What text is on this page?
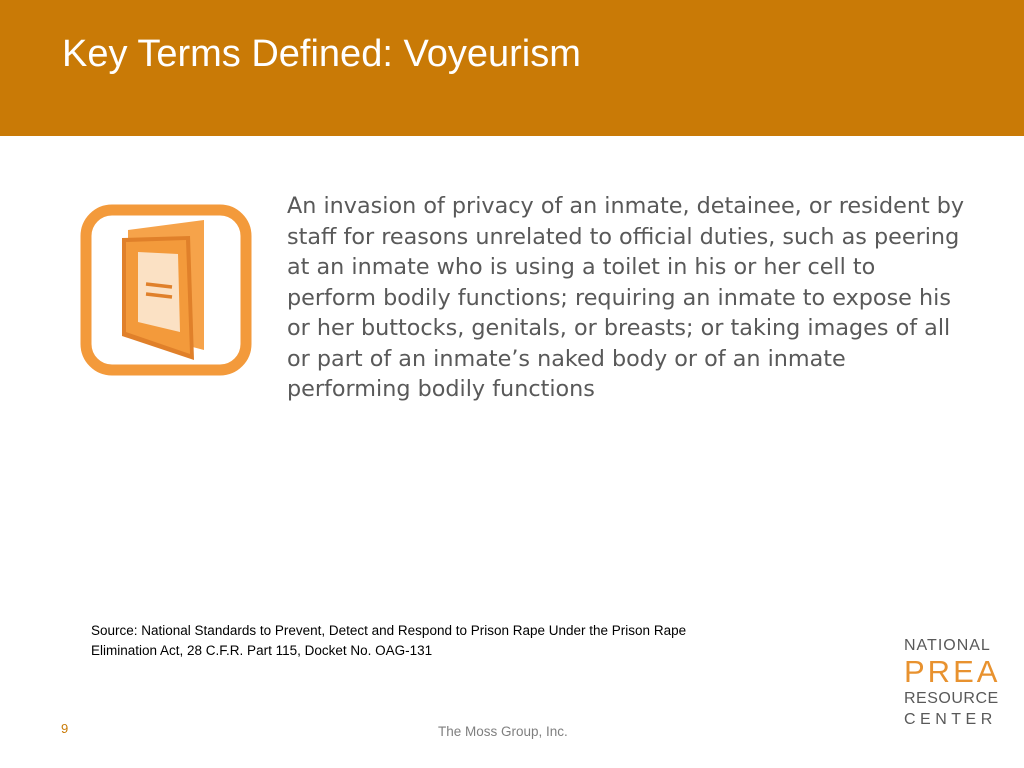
Key Terms Defined: Voyeurism

An invasion of privacy of an inmate, detainee, or resident by staff for reasons unrelated to official duties, such as peering at an inmate who is using a toilet in his or her cell to perform bodily functions; requiring an inmate to expose his or her buttocks, genitals, or breasts; or taking images of all or part of an inmate’s naked body or of an inmate performing bodily functions

Source: National Standards to Prevent, Detect and Respond to Prison Rape Under the Prison Rape
Elimination Act, 28 C.F.R. Part 115, Docket No. OAG-131

9	The Moss Group, Inc.
NATIONAL
PREA
RESOURCE
CENTER
